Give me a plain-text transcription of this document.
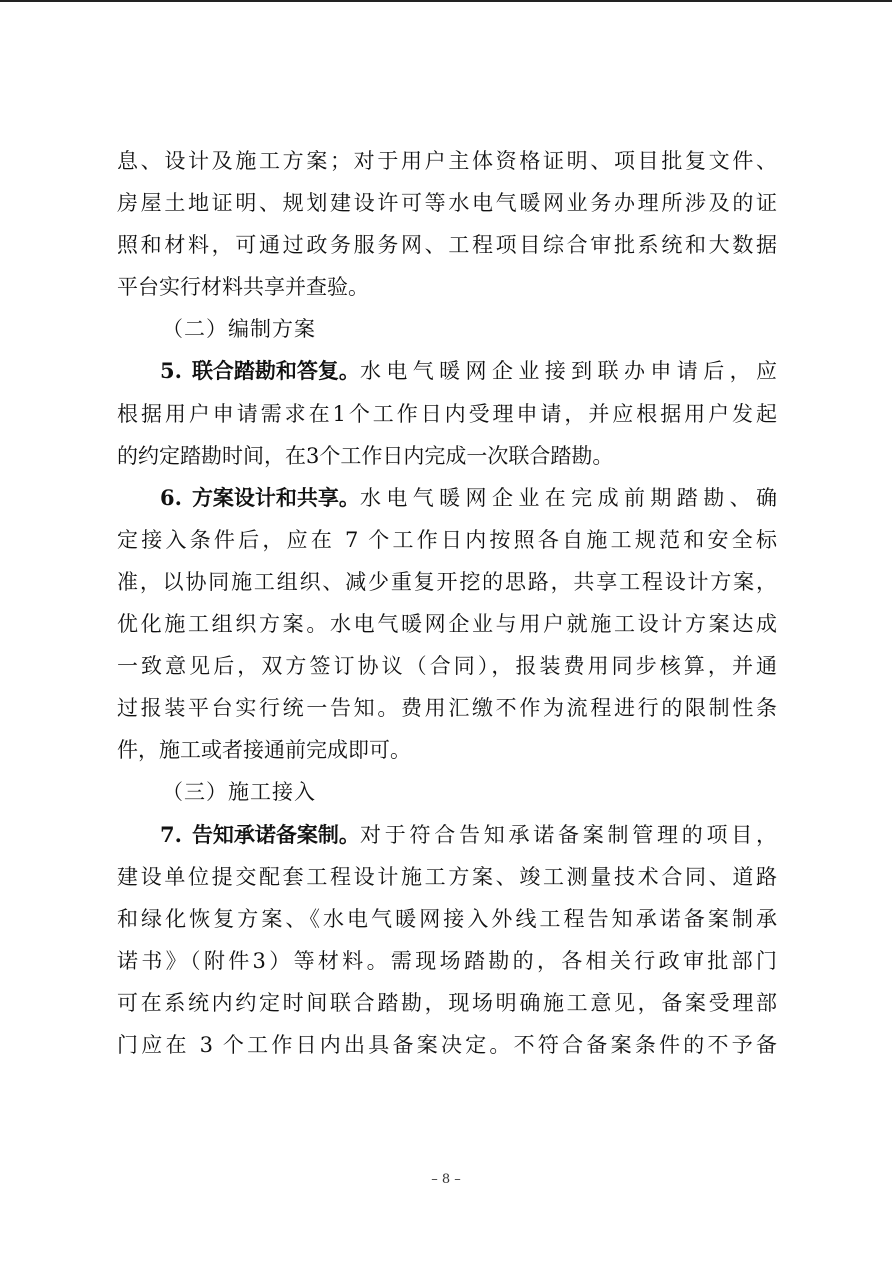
息、设计及施工方案；对于用户主体资格证明、项目批复文件、
房屋土地证明、规划建设许可等水电气暖网业务办理所涉及的证
照和材料，可通过政务服务网、工程项目综合审批系统和大数据
平台实行材料共享并查验。
（二）编制方案
5. 联合踏勘和答复。 水电气暖网企业接到联办申请后，应
根据用户申请需求在1个工作日内受理申请，并应根据用户发起
的约定踏勘时间，在3个工作日内完成一次联合踏勘。
6. 方案设计和共享。 水电气暖网企业在完成前期踏勘、确
定接入条件后，应在 7 个工作日内按照各自施工规范和安全标
准，以协同施工组织、减少重复开挖的思路，共享工程设计方案，
优化施工组织方案。水电气暖网企业与用户就施工设计方案达成
一致意见后，双方签订协议（合同），报装费用同步核算，并通
过报装平台实行统一告知。费用汇缴不作为流程进行的限制性条
件，施工或者接通前完成即可。
（三）施工接入
7. 告知承诺备案制。 对于符合告知承诺备案制管理的项目，
建设单位提交配套工程设计施工方案、竣工测量技术合同、道路
和绿化恢复方案、《水电气暖网接入外线工程告知承诺备案制承
诺书》（附件3）等材料。需现场踏勘的，各相关行政审批部门
可在系统内约定时间联合踏勘，现场明确施工意见，备案受理部
门应在 3 个工作日内出具备案决定。不符合备案条件的不予备
– 8 –
